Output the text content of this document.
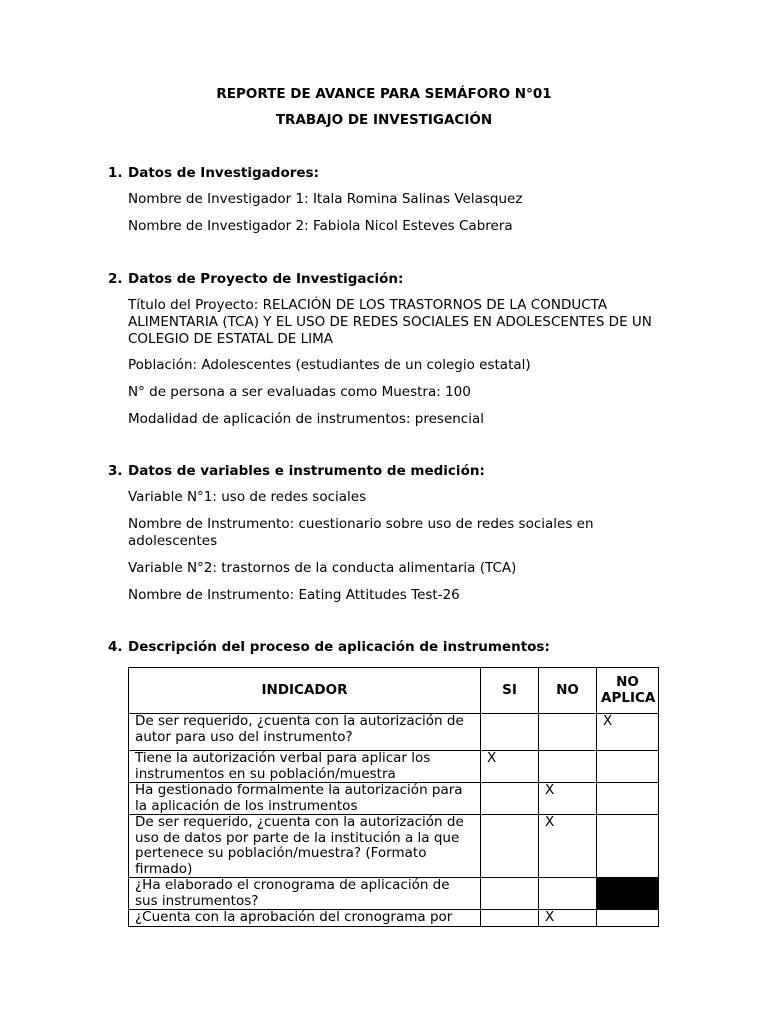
REPORTE DE AVANCE PARA SEMÁFORO N°01
TRABAJO DE INVESTIGACIÓN
1. Datos de Investigadores:
Nombre de Investigador 1: Itala Romina Salinas Velasquez
Nombre de Investigador 2: Fabiola Nicol Esteves Cabrera
2. Datos de Proyecto de Investigación:
Título del Proyecto: RELACIÓN DE LOS TRASTORNOS DE LA CONDUCTA ALIMENTARIA (TCA) Y EL USO DE REDES SOCIALES EN ADOLESCENTES DE UN COLEGIO DE ESTATAL DE LIMA
Población: Adolescentes (estudiantes de un colegio estatal)
N° de persona a ser evaluadas como Muestra: 100
Modalidad de aplicación de instrumentos: presencial
3. Datos de variables e instrumento de medición:
Variable N°1: uso de redes sociales
Nombre de Instrumento: cuestionario sobre uso de redes sociales en adolescentes
Variable N°2: trastornos de la conducta alimentaria (TCA)
Nombre de Instrumento: Eating Attitudes Test-26
4. Descripción del proceso de aplicación de instrumentos:
INDICADOR	SI	NO	NO APLICA
De ser requerido, ¿cuenta con la autorización de autor para uso del instrumento?			X
Tiene la autorización verbal para aplicar los instrumentos en su población/muestra	X		
Ha gestionado formalmente la autorización para la aplicación de los instrumentos		X	
De ser requerido, ¿cuenta con la autorización de uso de datos por parte de la institución a la que pertenece su población/muestra? (Formato firmado)		X	
¿Ha elaborado el cronograma de aplicación de sus instrumentos?			
¿Cuenta con la aprobación del cronograma por		X	
